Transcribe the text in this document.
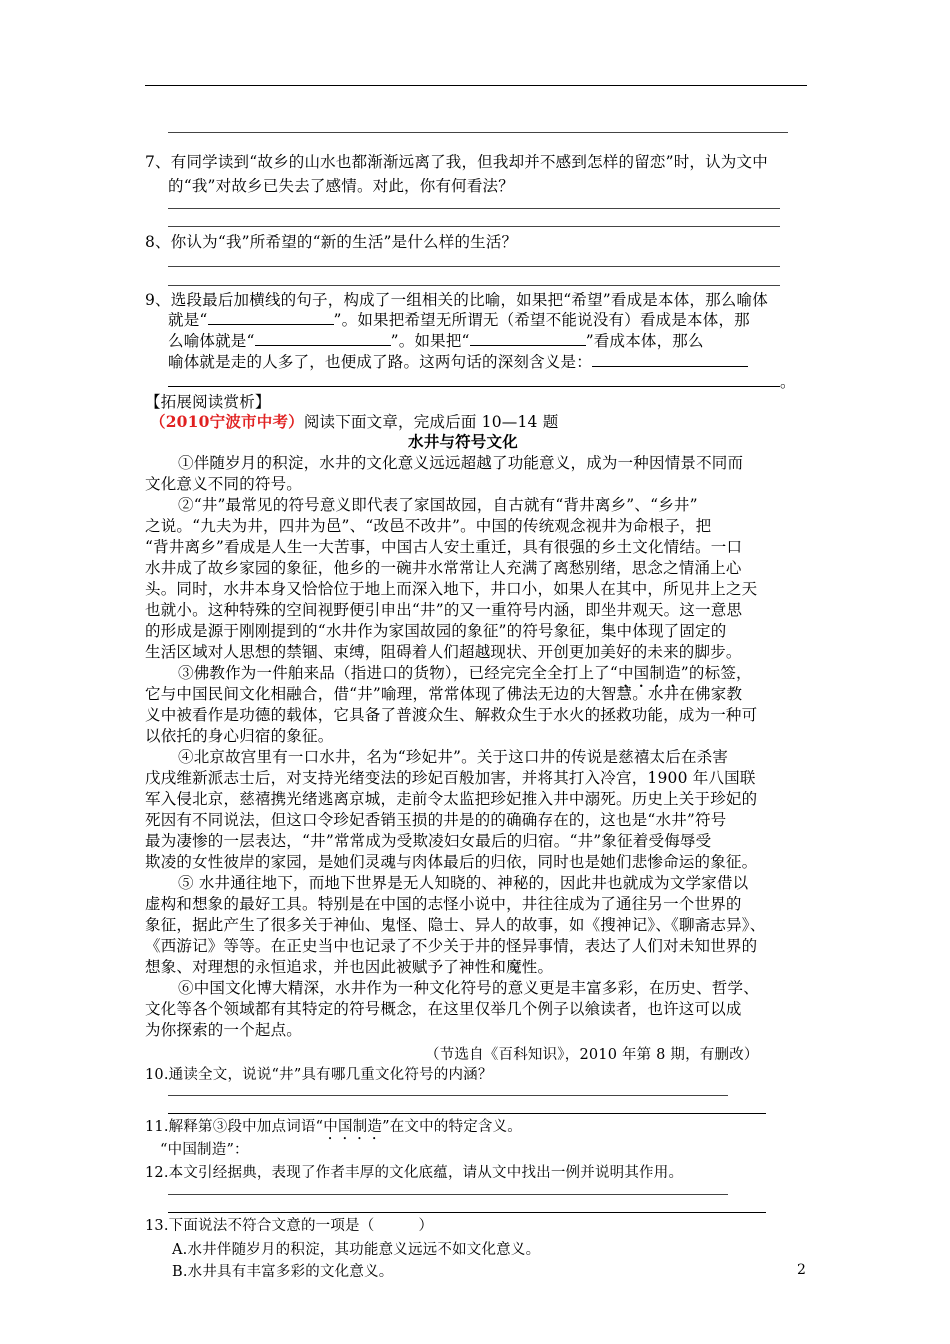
7、有同学读到“故乡的山水也都渐渐远离了我，但我却并不感到怎样的留恋”时，认为文中
的“我”对故乡已失去了感情。对此，你有何看法？
8、你认为“我”所希望的“新的生活”是什么样的生活？
9、选段最后加横线的句子，构成了一组相关的比喻，如果把“希望”看成是本体，那么喻体
就是“	”。如果把希望无所谓无（希望不能说没有）看成是本体，那
么喻体就是“	”。如果把“	”看成本体，那么
喻体就是走的人多了，也便成了路。这两句话的深刻含义是：
。
【拓展阅读赏析】
（2010宁波市中考）阅读下面文章，完成后面 10—14 题
水井与符号文化
①伴随岁月的积淀，水井的文化意义远远超越了功能意义，成为一种因情景不同而
文化意义不同的符号。
②“井”最常见的符号意义即代表了家国故园，自古就有“背井离乡”、“乡井”
之说。“九夫为井，四井为邑”、“改邑不改井”。中国的传统观念视井为命根子，把
“背井离乡”看成是人生一大苦事，中国古人安土重迁，具有很强的乡土文化情结。一口
水井成了故乡家园的象征，他乡的一碗井水常常让人充满了离愁别绪，思念之情涌上心
头。同时，水井本身又恰恰位于地上而深入地下，井口小，如果人在其中，所见井上之天
也就小。这种特殊的空间视野便引申出“井”的又一重符号内涵，即坐井观天。这一意思
的形成是源于刚刚提到的“水井作为家国故园的象征”的符号象征，集中体现了固定的
生活区域对人思想的禁锢、束缚，阻碍着人们超越现状、开创更加美好的未来的脚步。
③佛教作为一件舶来品（指进口的货物），已经完完全全打上了“中国制造”的标签，
它与中国民间文化相融合，借“井”喻理，常常体现了佛法无边的大智慧。水井在佛家教
义中被看作是功德的载体，它具备了普渡众生、解救众生于水火的拯救功能，成为一种可
以依托的身心归宿的象征。
④北京故宫里有一口水井，名为“珍妃井”。关于这口井的传说是慈禧太后在杀害
戊戌维新派志士后，对支持光绪变法的珍妃百般加害，并将其打入冷宫，1900 年八国联
军入侵北京，慈禧携光绪逃离京城，走前令太监把珍妃推入井中溺死。历史上关于珍妃的
死因有不同说法，但这口令珍妃香销玉损的井是的的确确存在的，这也是“水井”符号
最为凄惨的一层表达，“井”常常成为受欺凌妇女最后的归宿。“井”象征着受侮辱受
欺凌的女性彼岸的家园，是她们灵魂与肉体最后的归依，同时也是她们悲惨命运的象征。
⑤ 水井通往地下，而地下世界是无人知晓的、神秘的，因此井也就成为文学家借以
虚构和想象的最好工具。特别是在中国的志怪小说中，井往往成为了通往另一个世界的
象征，据此产生了很多关于神仙、鬼怪、隐士、异人的故事，如《搜神记》、《聊斋志异》、
《西游记》等等。在正史当中也记录了不少关于井的怪异事情，表达了人们对未知世界的
想象、对理想的永恒追求，并也因此被赋予了神性和魔性。
⑥中国文化博大精深，水井作为一种文化符号的意义更是丰富多彩，在历史、哲学、
文化等各个领域都有其特定的符号概念，在这里仅举几个例子以飨读者，也许这可以成
为你探索的一个起点。
（节选自《百科知识》，2010 年第 8 期，有删改）
10.通读全文，说说“井”具有哪几重文化符号的内涵？
11.解释第③段中加点词语“中国制造”在文中的特定含义。
“中国制造”：
12.本文引经据典，表现了作者丰厚的文化底蕴，请从文中找出一例并说明其作用。
13.下面说法不符合文意的一项是（　　　）
A.水井伴随岁月的积淀，其功能意义远远不如文化意义。
B.水井具有丰富多彩的文化意义。	2
